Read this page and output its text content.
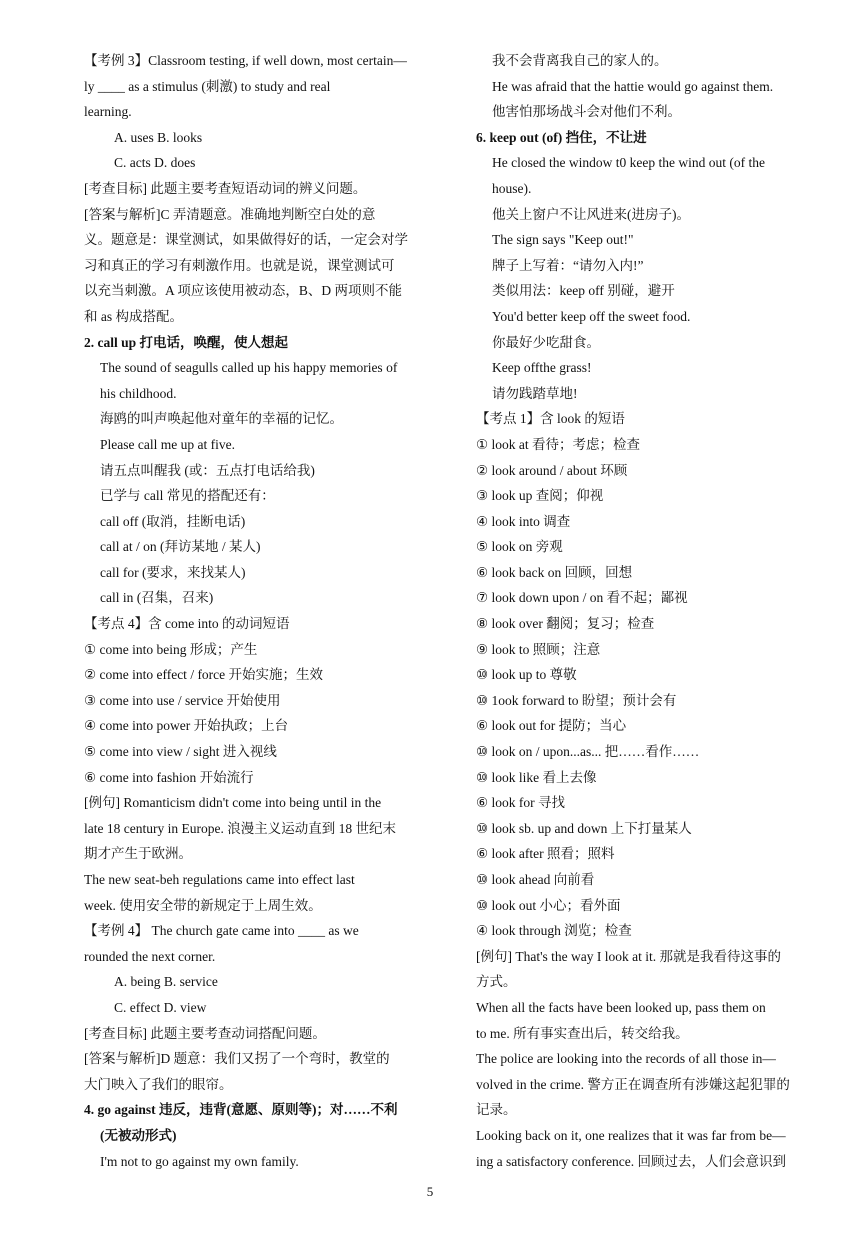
【考例 3】Classroom testing, if well down, most certain—
ly ____ as a stimulus (刺激) to study and real
learning.
A. uses B. looks
C. acts D. does
[考查目标] 此题主要考查短语动词的辨义问题。
[答案与解析]C 弄清题意。准确地判断空白处的意
义。题意是：课堂测试，如果做得好的话，一定会对学
习和真正的学习有刺激作用。也就是说，课堂测试可
以充当刺激。A 项应该使用被动态，B、D 两项则不能
和 as 构成搭配。
2. call up 打电话，唤醒，使人想起
The sound of seagulls called up his happy memories of
his childhood.
海鸥的叫声唤起他对童年的幸福的记忆。
Please call me up at five.
请五点叫醒我 (或：五点打电话给我)
已学与 call 常见的搭配还有：
call off (取消，挂断电话)
call at / on (拜访某地 / 某人)
call for (要求，来找某人)
call in (召集，召来)
【考点 4】含 come into 的动词短语
① come into being 形成；产生
② come into effect / force 开始实施；生效
③ come into use / service 开始使用
④ come into power 开始执政；上台
⑤ come into view / sight 进入视线
⑥ come into fashion 开始流行
[例句] Romanticism didn't come into being until in the
late 18 century in Europe. 浪漫主义运动直到 18 世纪末
期才产生于欧洲。
The new seat-beh regulations came into effect last
week. 使用安全带的新规定于上周生效。
【考例 4】 The church gate came into ____ as we
rounded the next corner.
A. being B. service
C. effect D. view
[考查目标] 此题主要考查动词搭配问题。
[答案与解析]D 题意：我们又拐了一个弯时，教堂的
大门映入了我们的眼帘。
4. go against 违反，违背(意愿、原则等)；对……不利
(无被动形式)
I'm not to go against my own family.
我不会背离我自己的家人的。
He was afraid that the hattie would go against them.
他害怕那场战斗会对他们不利。
6. keep out (of) 挡住，不让进
He closed the window t0 keep the wind out (of the
house).
他关上窗户不让风进来(进房子)。
The sign says "Keep out!"
牌子上写着：“请勿入内!”
类似用法：keep off 别碰，避开
You'd better keep off the sweet food.
你最好少吃甜食。
Keep offthe grass!
请勿践踏草地!
【考点 1】含 look 的短语
① look at 看待；考虑；检查
② look around / about 环顾
③ look up 查阅；仰视
④ look into 调查
⑤ look on 旁观
⑥ look back on 回顾，回想
⑦ look down upon / on 看不起；鄙视
⑧ look over 翻阅；复习；检查
⑨ look to 照顾；注意
⑩ look up to 尊敬
⑩ 1ook forward to 盼望；预计会有
⑥ look out for 提防；当心
⑩ look on / upon...as... 把……看作……
⑩ look like 看上去像
⑥ look for 寻找
⑩ look sb. up and down 上下打量某人
⑥ look after 照看；照料
⑩ look ahead 向前看
⑩ look out 小心；看外面
④ look through 浏览；检查
[例句] That's the way I look at it. 那就是我看待这事的
方式。
When all the facts have been looked up, pass them on
to me. 所有事实查出后，转交给我。
The police are looking into the records of all those in—
volved in the crime. 警方正在调查所有涉嫌这起犯罪的
记录。
Looking back on it, one realizes that it was far from be—
ing a satisfactory conference. 回顾过去，人们会意识到
5
